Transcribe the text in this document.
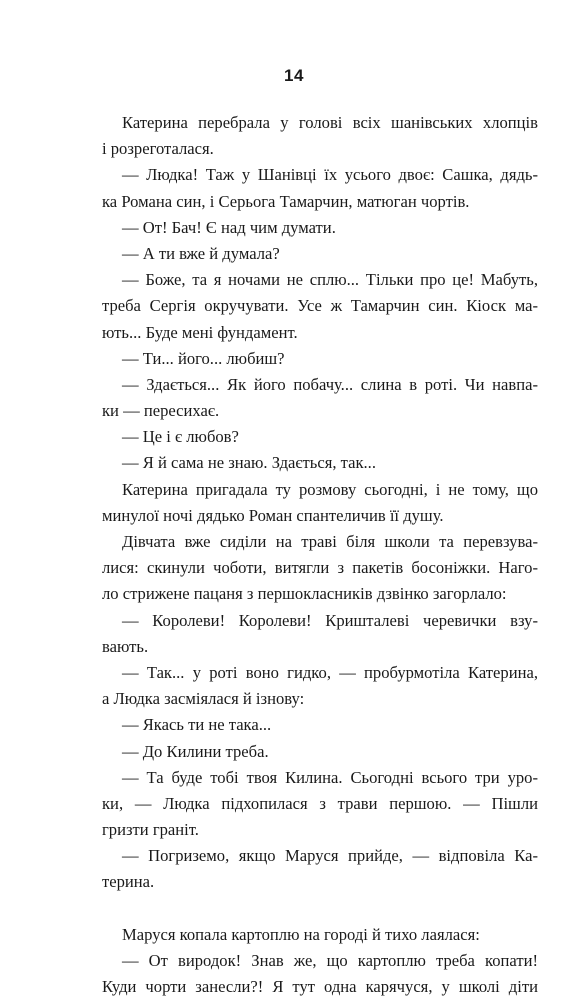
14
Катерина перебрала у голові всіх шанівських хлопців
і розреготалася.
— Людка! Таж у Шанівці їх усього двоє: Сашка, дядь-
ка Романа син, і Серьога Тамарчин, матюган чортів.
— От! Бач! Є над чим думати.
— А ти вже й думала?
— Боже, та я ночами не сплю... Тільки про це! Мабуть,
треба Сергія окручувати. Усе ж Тамарчин син. Кіоск ма-
ють... Буде мені фундамент.
— Ти... його... любиш?
— Здається... Як його побачу... слина в роті. Чи навпа-
ки — пересихає.
— Це і є любов?
— Я й сама не знаю. Здається, так...
Катерина пригадала ту розмову сьогодні, і не тому, що
минулої ночі дядько Роман спантеличив її душу.
Дівчата вже сиділи на траві біля школи та перевзува-
лися: скинули чоботи, витягли з пакетів босоніжки. Наго-
ло стрижене пацаня з першокласників дзвінко загорлало:
— Королеви! Королеви! Кришталеві черевички взу-
вають.
— Так... у роті воно гидко, — пробурмотіла Катерина,
а Людка засміялася й ізнову:
— Якась ти не така...
— До Килини треба.
— Та буде тобі твоя Килина. Сьогодні всього три уро-
ки, — Людка підхопилася з трави першою. — Пішли
гризти граніт.
— Погриземо, якщо Маруся прийде, — відповіла Ка-
терина.
Маруся копала картоплю на городі й тихо лаялася:
— От виродок! Знав же, що картоплю треба копати!
Куди чорти занесли?! Я тут одна карячуся, у школі діти
